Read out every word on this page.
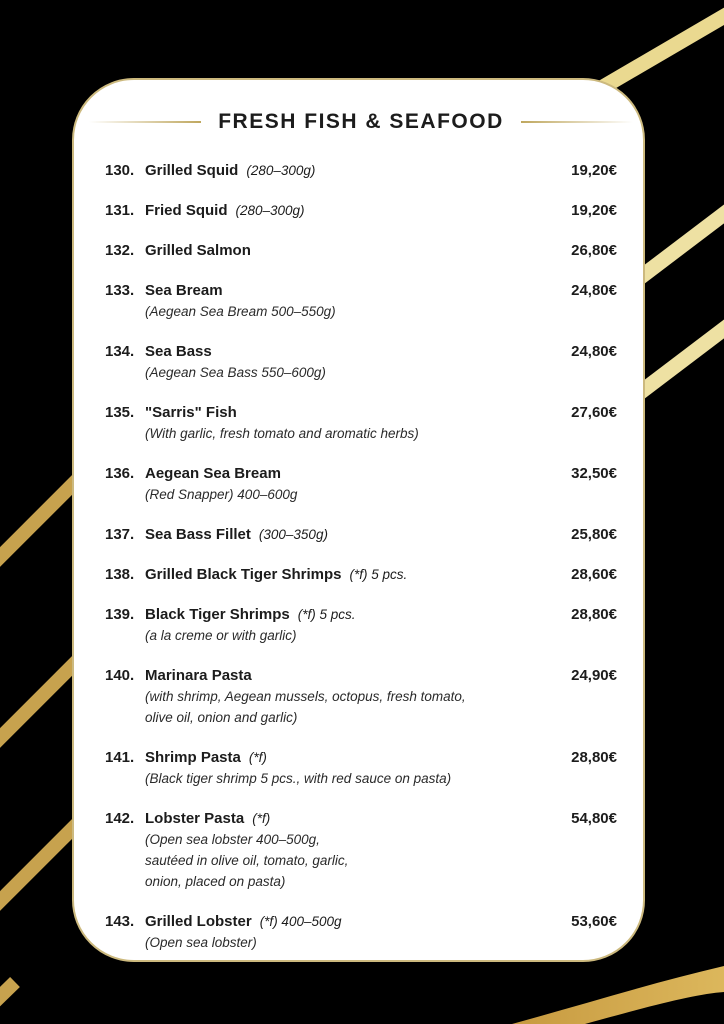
FRESH FISH & SEAFOOD
130. Grilled Squid (280–300g)	19,20€
131. Fried Squid (280–300g)	19,20€
132. Grilled Salmon	26,80€
133. Sea Bream	24,80€
(Aegean Sea Bream 500–550g)
134. Sea Bass	24,80€
(Aegean Sea Bass 550–600g)
135. "Sarris" Fish	27,60€
(With garlic, fresh tomato and aromatic herbs)
136. Aegean Sea Bream	32,50€
(Red Snapper) 400–600g
137. Sea Bass Fillet (300–350g)	25,80€
138. Grilled Black Tiger Shrimps (*f) 5 pcs.	28,60€
139. Black Tiger Shrimps (*f) 5 pcs.	28,80€
(a la creme or with garlic)
140. Marinara Pasta	24,90€
(with shrimp, Aegean mussels, octopus, fresh tomato,
olive oil, onion and garlic)
141. Shrimp Pasta (*f)	28,80€
(Black tiger shrimp 5 pcs., with red sauce on pasta)
142. Lobster Pasta (*f)	54,80€
(Open sea lobster 400–500g,
sautéed in olive oil, tomato, garlic,
onion, placed on pasta)
143. Grilled Lobster (*f) 400–500g	53,60€
(Open sea lobster)
